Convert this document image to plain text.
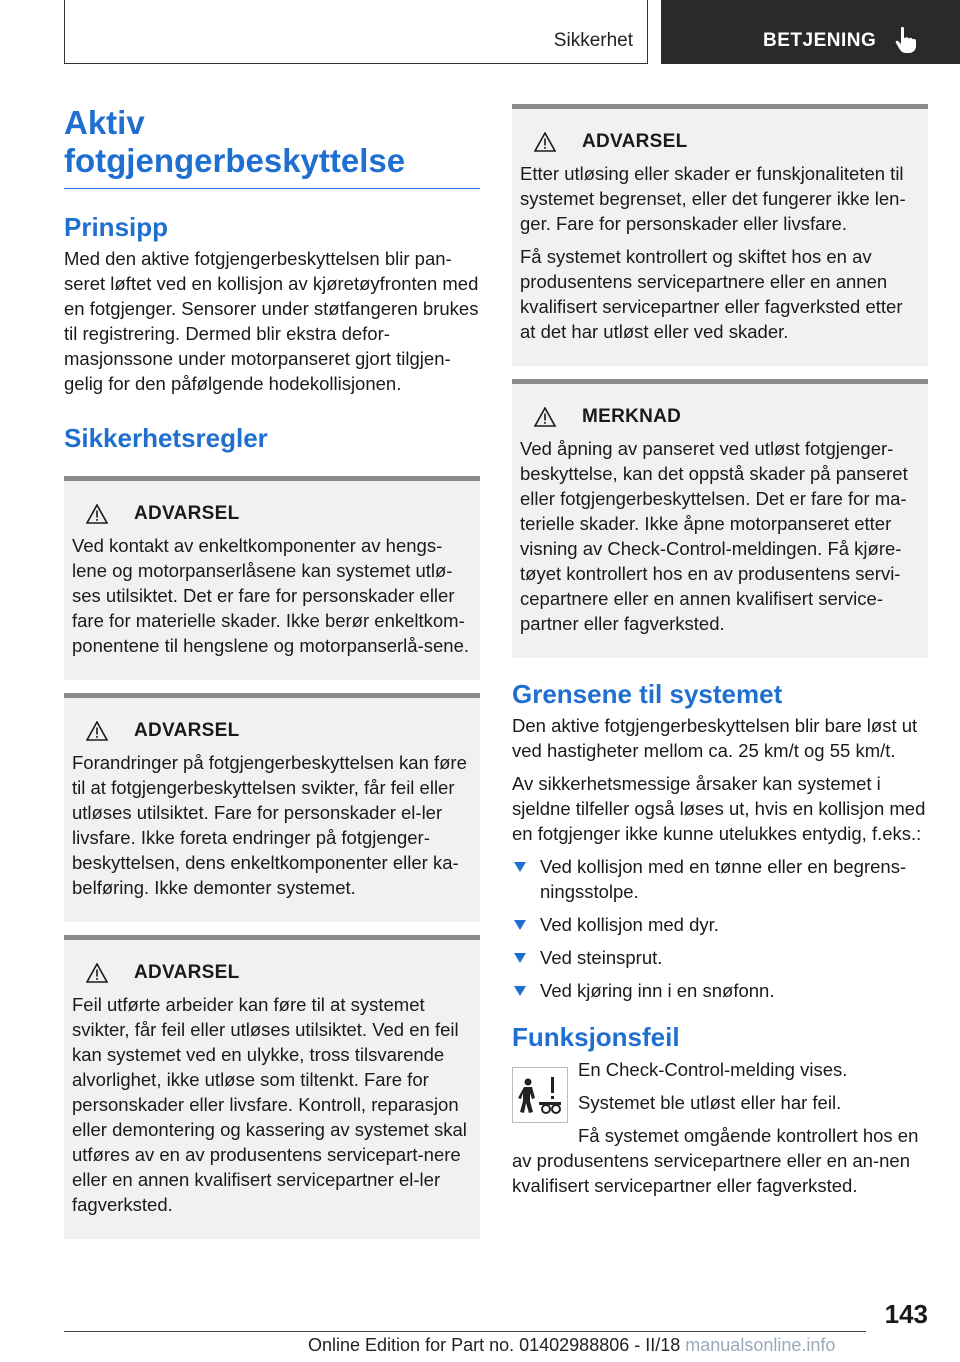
Sikkerhet	BETJENING
Aktiv
fotgjengerbeskyttelse
Prinsipp

Med den aktive fotgjengerbeskyttelsen blir pan-seret løftet ved en kollisjon av kjøretøyfronten med en fotgjenger. Sensorer under støtfangeren brukes til registrering. Dermed blir ekstra defor-masjonssone under motorpanseret gjort tilgjen-gelig for den påfølgende hodekollisjonen.

Sikkerhetsregler
ADVARSEL

Ved kontakt av enkeltkomponenter av hengs-lene og motorpanserlåsene kan systemet utlø-ses utilsiktet. Det er fare for personskader eller fare for materielle skader. Ikke berør enkeltkom-ponentene til hengslene og motorpanserlå-sene.

ADVARSEL

Forandringer på fotgjengerbeskyttelsen kan føre til at fotgjengerbeskyttelsen svikter, får feil eller utløses utilsiktet. Fare for personskader el-ler livsfare. Ikke foreta endringer på fotgjenger-beskyttelsen, dens enkeltkomponenter eller ka-belføring. Ikke demonter systemet.

ADVARSEL

Feil utførte arbeider kan føre til at systemet svikter, får feil eller utløses utilsiktet. Ved en feil kan systemet ved en ulykke, tross tilsvarende alvorlighet, ikke utløse som tiltenkt. Fare for personskader eller livsfare. Kontroll, reparasjon eller demontering og kassering av systemet skal utføres av en av produsentens servicepart-nere eller en annen kvalifisert servicepartner el-ler fagverksted.

ADVARSEL

Etter utløsing eller skader er funskjonaliteten til systemet begrenset, eller det fungerer ikke len-ger. Fare for personskader eller livsfare.

Få systemet kontrollert og skiftet hos en av produsentens servicepartnere eller en annen kvalifisert servicepartner eller fagverksted etter at det har utløst eller ved skader.

MERKNAD

Ved åpning av panseret ved utløst fotgjenger-beskyttelse, kan det oppstå skader på panseret eller fotgjengerbeskyttelsen. Det er fare for ma-terielle skader. Ikke åpne motorpanseret etter visning av Check-Control-meldingen. Få kjøre-tøyet kontrollert hos en av produsentens servi-cepartnere eller en annen kvalifisert service-partner eller fagverksted.

Grensene til systemet

Den aktive fotgjengerbeskyttelsen blir bare løst ut ved hastigheter mellom ca. 25 km/t og 55 km/t.

Av sikkerhetsmessige årsaker kan systemet i sjeldne tilfeller også løses ut, hvis en kollisjon med en fotgjenger ikke kunne utelukkes entydig, f.eks.:

Ved kollisjon med en tønne eller en begrens-ningsstolpe.
Ved kollisjon med dyr.
Ved steinsprut.
Ved kjøring inn i en snøfonn.
Funksjonsfeil

En Check-Control-melding vises.

Systemet ble utløst eller har feil.

Få systemet omgående kontrollert hos en av produsentens servicepartnere eller en an-nen kvalifisert servicepartner eller fagverksted.

143
Online Edition for Part no. 01402988806 - II/18 manualsonline.info
